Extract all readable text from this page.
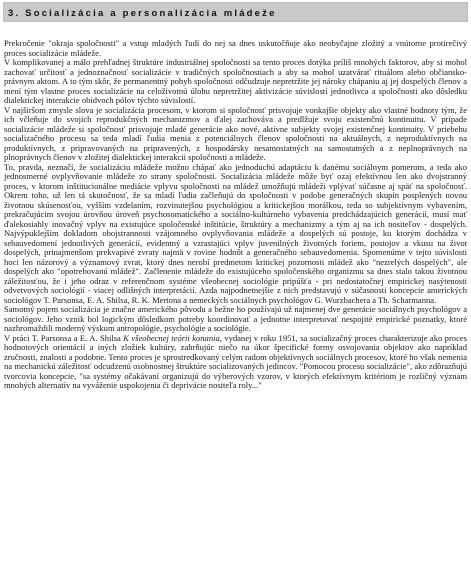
3. Socializácia a personalizácia mládeže

Prekročenie "okraja spoločnosti" a vstup mladých ľudí do nej sa dnes uskutočňuje ako neobyčajne zložitý a vnútorne protirečivý proces socializácie mládeže.

V komplikovanej a málo prehľadnej štruktúre industriálnej spoločnosti sa tento proces dotýka príliš mnohých faktorov, aby si mohol zachovať určitosť a jednoznačnosť socializácie v tradičných spoločnostiach a aby sa mohol uzatvárať rituálom alebo občiansko-právnym aktom. A to tým skôr, že permanentný pohyb spoločnosti odčudzuje nepretržite jej nároky chápaniu aj jej dospelých členov a mení tým vlastne proces socializácie na celoživotnú úlohu nepretržitej aktivizácie súvislostí jednotlivca a spoločnosti ako dôsledku dialektickej interakcie obidvoch pólov týchto súvislostí.

V najširšom zmysle slova je socializácia procesom, v ktorom si spoločnosť prisvojuje vonkajšie objekty ako vlastné hodnoty tým, že ich včleňuje do svojich reprodukčných mechanizmov a ďalej zachováva a predlžuje svoju existenčnú kontinuitu. V prípade socializácie mládeže si spoločnosť prisvojuje mladé generácie ako nové, aktívne subjekty svojej existenčnej kontinuity. V priebehu socializačného procesu sa teda mladí ľudia menia z potenciálnych členov spoločnosti na aktuálnych, z neproduktívnych na produktívnych, z pripravovaných na pripravených, z hospodársky nesamostatných na samostatných a z neplnoprávnych na plnoprávnych členov v zložitej dialektickej interakcii spoločnosti a mládeže.

To, pravda, neznačí, že socializáciu mládeže možno chápať ako jednoduchú adaptáciu k danému sociálnym pomerom, a teda ako jednosmerné ovplyvňovanie mládeže zo strany spoločnosti. Socializácia mládeže môže byť ozaj efektívnou len ako dvojstranný proces, v ktorom inštitucionálne mediácie vplyvu spoločnosti na mládež umožňujú mládeži vplývať súčasne aj späť na spoločnosť. Okrem toho, už len tá skutočnosť, že sa mladí ľudia začleňujú do spoločnosti v podobe generačných skupín posplených novou životnou skúsenosťou, vyšším vzdelaním, rozvinutejšou psychológiou a kritickejšou morálkou, teda so subjektívnym vybavením, prekračujúcim svojou úrovňou úroveň psychosomatického a sociálno-kultúrneho vybavenia predchádzajúcich generácií, musí mať ďalekosiahly inovačný vplyv na existujúce spoločenské inštitúcie, štruktúry a mechanizmy a tým aj na ich nositeľov - dospelých. Najvýpuklejším dokladom obojstrannosti vzájomného ovplyvňovania mládeže a dospelých sú postoje, ku ktorým dochádza v sebauvedomení jednotlivých generácií, evidentný a vzrastajúci vplyv juvenilných životných foriem, postojov a vkusu na život dospelých, prinajmenšom prekvapivé zvraty najmä v rovine hodnôt a generačného sebauvedomenia. Spomenúme v tejto súvislosti hoci len názorový a významový zvrat, ktorý dnes nerobí predmetom kritickej pozornosti mládež ako "nezrelých dospelých", ale dospelých ako "opotrebovanú mládež". Začlenenie mládeže do existujúceho spoločenského organizmu sa dnes stalo takou životnou záležitosťou, že i jeho odraz v referenčnom systéme všeobecnej sociológie pripúšťa - pri nedostatočnej empirickej nasýtenosti odvetvových sociológií - viacej odlišných interpretácií. Azda najpodnetnejšie z nich predstavujú v súčasnosti koncepcie amerických sociológov T. Parsonsa, E. A. Shilsa, R. K. Mertona a nemeckých sociálnych psychológov G. Wurzbachera a Th. Scharmanna.

Samotný pojem socializácia je značne amerického pôvodu a bežne ho používajú už najmenej dve generácie sociálnych psychológov a sociológov. Jeho vznik bol logickým dôsledkom potreby koordinovať a jednotne interpretovať nespojité empirické poznatky, ktoré nazhromaždili moderný výskum antropológie, psychológie a sociológie.

V práci T. Parsonsa a E. A. Shilsa K všeobecnej teórii konania, vydanej v roku 1951, sa socializačný proces charakterizuje ako proces hodnotových orientácií a iných zložiek kultúry, zahrňujúc niečo na úkor špecifické formy osvojovania objektov ako napríklad zručnosti, znalosti a podobne. Tento proces je sprostredkovaný celým radom objektívnych sociálnych procesov, ktoré ho však nemenia na mechanickú záležitosť odcudzenú osobnostnej štruktúre socializovaných jedincov. "Pomocou procesu socializácie", ako zdôrazňujú tvorcovia koncepcie, "sa systémy očakávaní organizujú do výberových vzorov, v ktorých efektívnym kritériom je rozličný význam mnohých alternatív na vyváženie uspokojenia či deprivácie nositeľa roly..."
